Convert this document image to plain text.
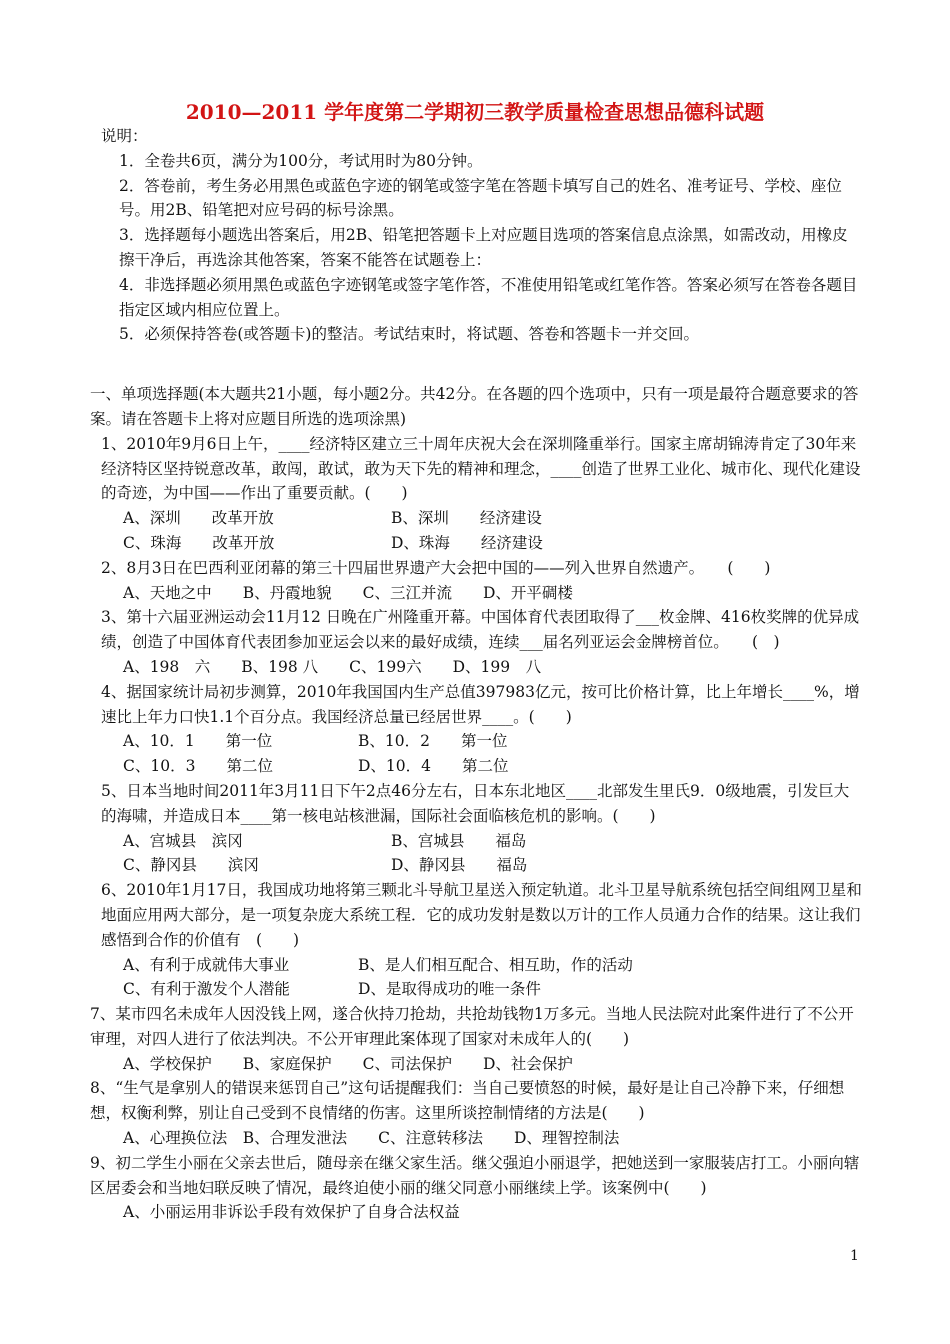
2010—2011 学年度第二学期初三教学质量检查思想品德科试题

说明：

1．全卷共6页，满分为100分，考试用时为80分钟。

2．答卷前，考生务必用黑色或蓝色字迹的钢笔或签字笔在答题卡填写自己的姓名、准考证号、学校、座位号。用2B、铅笔把对应号码的标号涂黑。

3．选择题每小题选出答案后，用2B、铅笔把答题卡上对应题目选项的答案信息点涂黑，如需改动，用橡皮擦干净后，再选涂其他答案，答案不能答在试题卷上：

4．非选择题必须用黑色或蓝色字迹钢笔或签字笔作答，不准使用铅笔或红笔作答。答案必须写在答卷各题目指定区域内相应位置上。

5．必须保持答卷(或答题卡)的整洁。考试结束时，将试题、答卷和答题卡一并交回。

一、单项选择题(本大题共21小题，每小题2分。共42分。在各题的四个选项中，只有一项是最符合题意要求的答案。请在答题卡上将对应题目所选的选项涂黑)

1、2010年9月6日上午，____经济特区建立三十周年庆祝大会在深圳隆重举行。国家主席胡锦涛肯定了30年来经济特区坚持锐意改革，敢闯，敢试，敢为天下先的精神和理念，____创造了世界工业化、城市化、现代化建设的奇迹，为中国——作出了重要贡献。(　　)

A、深圳　　改革开放	B、深圳　　经济建设
C、珠海　　改革开放	D、珠海　　经济建设

2、8月3日在巴西利亚闭幕的第三十四届世界遗产大会把中国的——列入世界自然遗产。　　(　　)

A、天地之中　　B、丹霞地貌　　C、三江并流　　D、开平碉楼

3、第十六届亚洲运动会11月12 日晚在广州隆重开幕。中国体育代表团取得了___枚金牌、416枚奖牌的优异成绩，创造了中国体育代表团参加亚运会以来的最好成绩，连续___届名列亚运会金牌榜首位。　　(　)

A、198　六　　B、198 八　　C、199六　　D、199　八

4、据国家统计局初步测算，2010年我国国内生产总值397983亿元，按可比价格计算，比上年增长____%，增速比上年力口快1.1个百分点。我国经济总量已经居世界____。(　　)

A、10．1　　第一位	B、10．2　　第一位
C、10．3　　第二位	D、10．4　　第二位

5、日本当地时间2011年3月11日下午2点46分左右，日本东北地区____北部发生里氏9．0级地震，引发巨大的海啸，并造成日本____第一核电站核泄漏，国际社会面临核危机的影响。(　　)

A、宫城县　滨冈	B、宫城县　　福岛
C、静冈县　　滨冈	D、静冈县　　福岛

6、2010年1月17日，我国成功地将第三颗北斗导航卫星送入预定轨道。北斗卫星导航系统包括空间组网卫星和地面应用两大部分，是一项复杂庞大系统工程．它的成功发射是数以万计的工作人员通力合作的结果。这让我们感悟到合作的价值有　(　　)

A、有利于成就伟大事业	B、是人们相互配合、相互助，作的活动
C、有利于激发个人潜能	D、是取得成功的唯一条件

7、某市四名未成年人因没钱上网，遂合伙持刀抢劫，共抢劫钱物1万多元。当地人民法院对此案件进行了不公开审理，对四人进行了依法判决。不公开审理此案体现了国家对未成年人的(　　)

A、学校保护　　B、家庭保护　　C、司法保护　　D、社会保护

8、“生气是拿别人的错误来惩罚自己”这句话提醒我们：当自己要愤怒的时候，最好是让自己冷静下来，仔细想想，权衡利弊，别让自己受到不良情绪的伤害。这里所谈控制情绪的方法是(　　)

A、心理换位法　B、合理发泄法　　C、注意转移法　　D、理智控制法

9、初二学生小丽在父亲去世后，随母亲在继父家生活。继父强迫小丽退学，把她送到一家服装店打工。小丽向辖区居委会和当地妇联反映了情况，最终迫使小丽的继父同意小丽继续上学。该案例中(　　)

A、小丽运用非诉讼手段有效保护了自身合法权益

1
